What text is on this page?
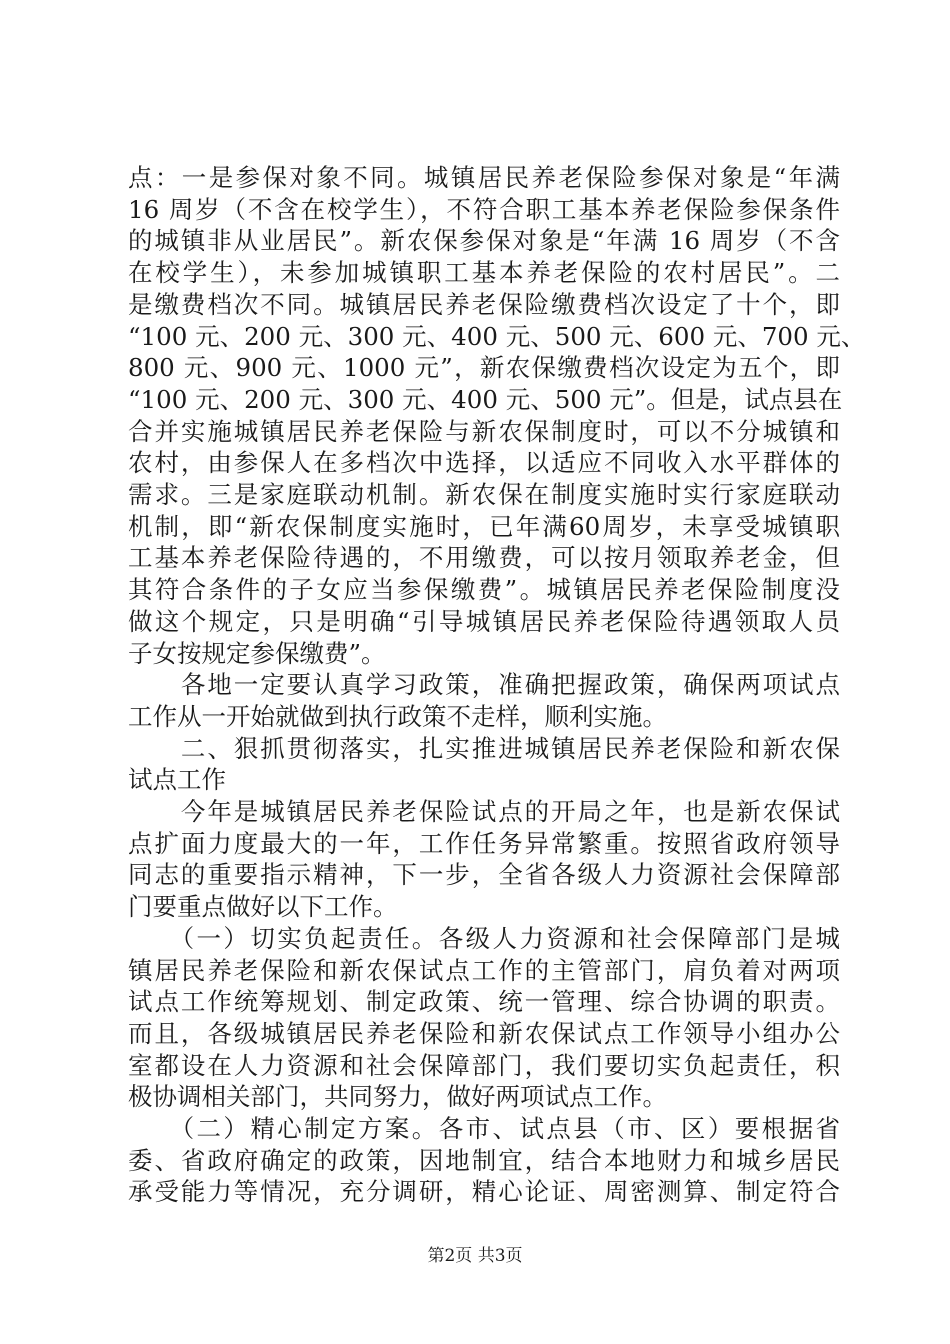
点：一是参保对象不同。城镇居民养老保险参保对象是“年满
16 周岁（不含在校学生），不符合职工基本养老保险参保条件
的城镇非从业居民”。新农保参保对象是“年满 16 周岁（不含
在校学生），未参加城镇职工基本养老保险的农村居民”。二
是缴费档次不同。城镇居民养老保险缴费档次设定了十个，即
“100 元、200 元、300 元、400 元、500 元、600 元、700 元、
800 元、900 元、1000 元”，新农保缴费档次设定为五个，即
“100 元、200 元、300 元、400 元、500 元”。但是，试点县在
合并实施城镇居民养老保险与新农保制度时，可以不分城镇和
农村，由参保人在多档次中选择，以适应不同收入水平群体的
需求。三是家庭联动机制。新农保在制度实施时实行家庭联动
机制，即“新农保制度实施时，已年满60周岁，未享受城镇职
工基本养老保险待遇的，不用缴费，可以按月领取养老金，但
其符合条件的子女应当参保缴费”。城镇居民养老保险制度没
做这个规定，只是明确“引导城镇居民养老保险待遇领取人员
子女按规定参保缴费”。
　　各地一定要认真学习政策，准确把握政策，确保两项试点
工作从一开始就做到执行政策不走样，顺利实施。
　　二、狠抓贯彻落实，扎实推进城镇居民养老保险和新农保
试点工作
　　今年是城镇居民养老保险试点的开局之年，也是新农保试
点扩面力度最大的一年，工作任务异常繁重。按照省政府领导
同志的重要指示精神，下一步，全省各级人力资源社会保障部
门要重点做好以下工作。
　　（一）切实负起责任。各级人力资源和社会保障部门是城
镇居民养老保险和新农保试点工作的主管部门，肩负着对两项
试点工作统筹规划、制定政策、统一管理、综合协调的职责。
而且，各级城镇居民养老保险和新农保试点工作领导小组办公
室都设在人力资源和社会保障部门，我们要切实负起责任，积
极协调相关部门，共同努力，做好两项试点工作。
　　（二）精心制定方案。各市、试点县（市、区）要根据省
委、省政府确定的政策，因地制宜，结合本地财力和城乡居民
承受能力等情况，充分调研，精心论证、周密测算、制定符合
第2页 共3页
